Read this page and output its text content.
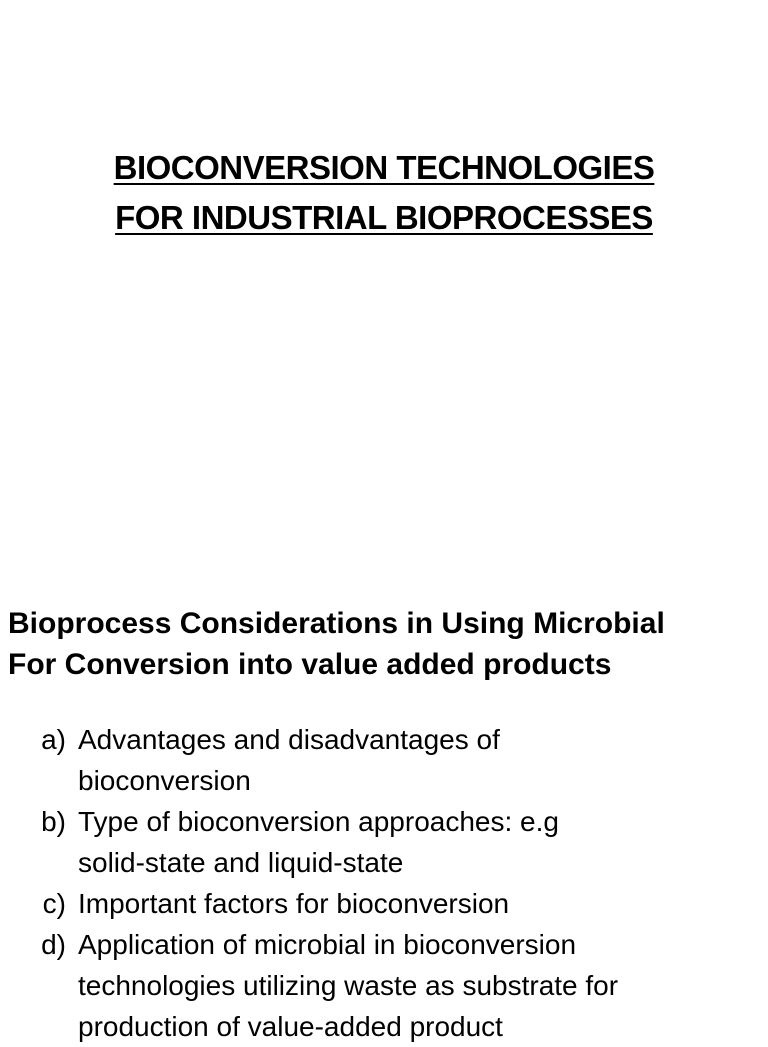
BIOCONVERSION TECHNOLOGIES
FOR INDUSTRIAL BIOPROCESSES
Bioprocess Considerations in Using Microbial
For Conversion into value added products
a) Advantages and disadvantages of
bioconversion
b) Type of bioconversion approaches: e.g
solid-state and liquid-state
c) Important factors for bioconversion
d) Application of microbial in bioconversion
technologies utilizing waste as substrate for
production of value-added product
